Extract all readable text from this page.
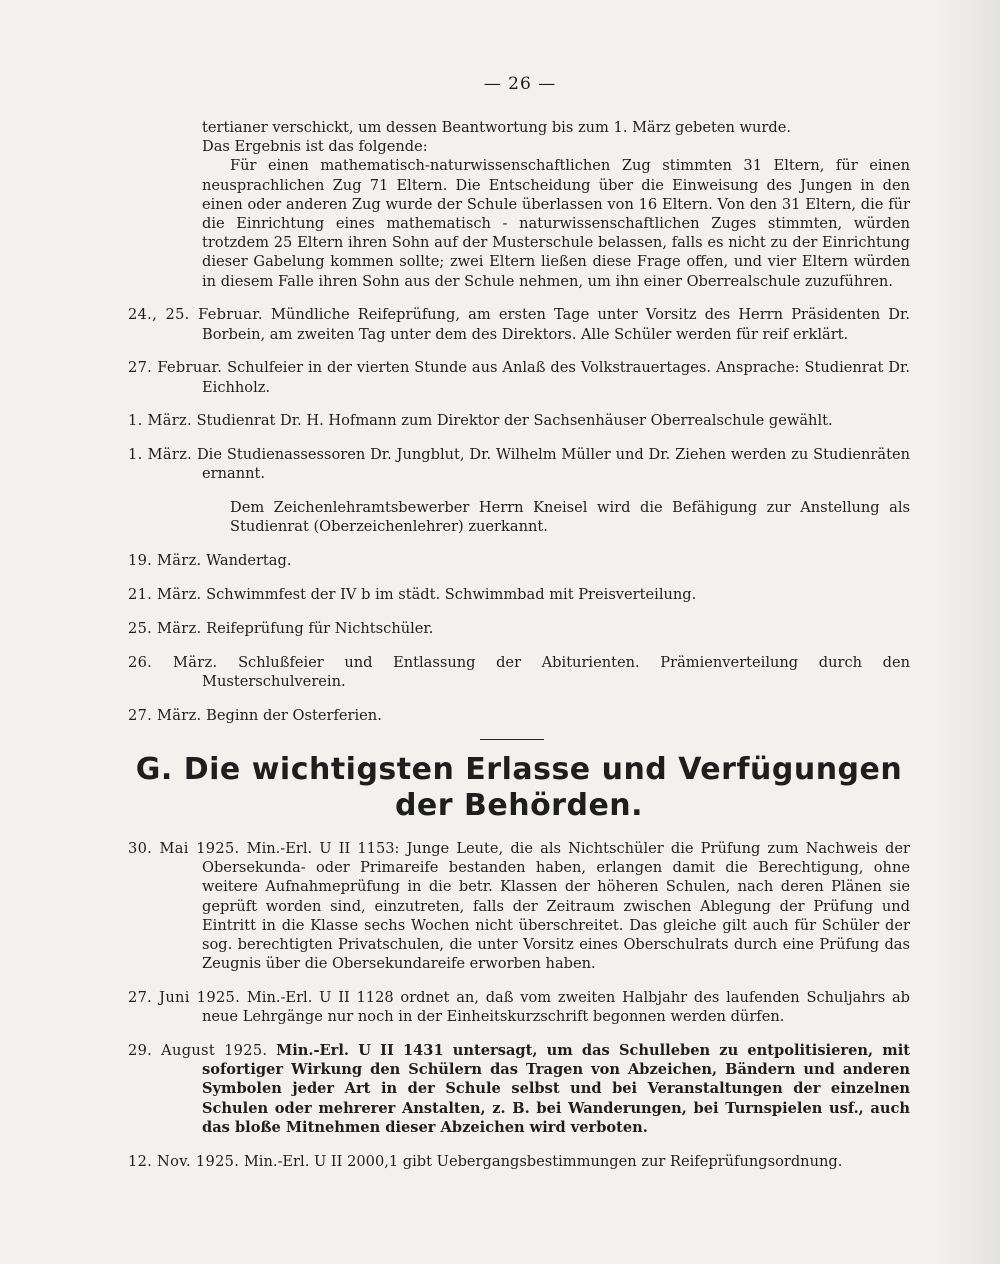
— 26 —

tertianer verschickt, um dessen Beantwortung bis zum 1. März gebeten wurde.

Das Ergebnis ist das folgende:

Für einen mathematisch-naturwissenschaftlichen Zug stimmten 31 Eltern, für einen neusprachlichen Zug 71 Eltern. Die Entscheidung über die Einweisung des Jungen in den einen oder anderen Zug wurde der Schule überlassen von 16 Eltern. Von den 31 Eltern, die für die Einrichtung eines mathematisch - naturwissenschaftlichen Zuges stimmten, würden trotzdem 25 Eltern ihren Sohn auf der Musterschule belassen, falls es nicht zu der Einrichtung dieser Gabelung kommen sollte; zwei Eltern ließen diese Frage offen, und vier Eltern würden in diesem Falle ihren Sohn aus der Schule nehmen, um ihn einer Oberrealschule zuzuführen.

24., 25. Februar. Mündliche Reifeprüfung, am ersten Tage unter Vorsitz des Herrn Präsidenten Dr. Borbein, am zweiten Tag unter dem des Direktors. Alle Schüler werden für reif erklärt.

27. Februar. Schulfeier in der vierten Stunde aus Anlaß des Volkstrauertages. Ansprache: Studienrat Dr. Eichholz.

1. März. Studienrat Dr. H. Hofmann zum Direktor der Sachsenhäuser Oberrealschule gewählt.

1. März. Die Studienassessoren Dr. Jungblut, Dr. Wilhelm Müller und Dr. Ziehen werden zu Studienräten ernannt.

Dem Zeichenlehramtsbewerber Herrn Kneisel wird die Befähigung zur Anstellung als Studienrat (Oberzeichenlehrer) zuerkannt.

19. März. Wandertag.

21. März. Schwimmfest der IV b im städt. Schwimmbad mit Preisverteilung.

25. März. Reifeprüfung für Nichtschüler.

26. März. Schlußfeier und Entlassung der Abiturienten. Prämienverteilung durch den Musterschulverein.

27. März. Beginn der Osterferien.

G. Die wichtigsten Erlasse und Verfügungen
der Behörden.

30. Mai 1925. Min.-Erl. U II 1153: Junge Leute, die als Nichtschüler die Prüfung zum Nachweis der Obersekunda- oder Primareife bestanden haben, erlangen damit die Berechtigung, ohne weitere Aufnahmeprüfung in die betr. Klassen der höheren Schulen, nach deren Plänen sie geprüft worden sind, einzutreten, falls der Zeitraum zwischen Ablegung der Prüfung und Eintritt in die Klasse sechs Wochen nicht überschreitet. Das gleiche gilt auch für Schüler der sog. berechtigten Privatschulen, die unter Vorsitz eines Oberschulrats durch eine Prüfung das Zeugnis über die Obersekundareife erworben haben.

27. Juni 1925. Min.-Erl. U II 1128 ordnet an, daß vom zweiten Halbjahr des laufenden Schuljahrs ab neue Lehrgänge nur noch in der Einheitskurzschrift begonnen werden dürfen.

29. August 1925. Min.-Erl. U II 1431 untersagt, um das Schulleben zu entpolitisieren, mit sofortiger Wirkung den Schülern das Tragen von Abzeichen, Bändern und anderen Symbolen jeder Art in der Schule selbst und bei Veranstaltungen der einzelnen Schulen oder mehrerer Anstalten, z. B. bei Wanderungen, bei Turnspielen usf., auch das bloße Mitnehmen dieser Abzeichen wird verboten.

12. Nov. 1925. Min.-Erl. U II 2000,1 gibt Uebergangsbestimmungen zur Reifeprüfungsordnung.
